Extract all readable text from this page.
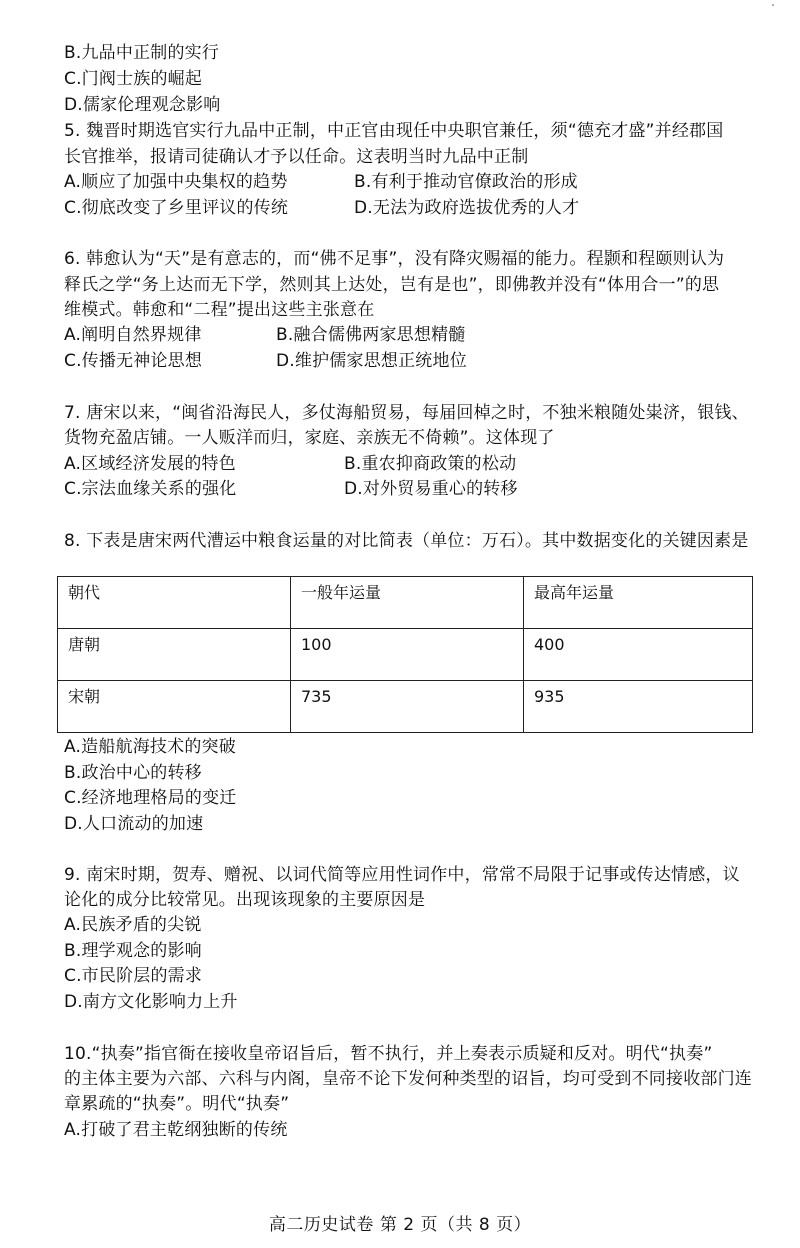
B.九品中正制的实行
C.门阀士族的崛起
D.儒家伦理观念影响
5. 魏晋时期选官实行九品中正制，中正官由现任中央职官兼任，须“德充才盛”并经郡国
长官推举，报请司徒确认才予以任命。这表明当时九品中正制
A.顺应了加强中央集权的趋势	B.有利于推动官僚政治的形成
C.彻底改变了乡里评议的传统	D.无法为政府选拔优秀的人才
6. 韩愈认为“天”是有意志的，而“佛不足事”，没有降灾赐福的能力。程颢和程颐则认为
释氏之学“务上达而无下学，然则其上达处，岂有是也”，即佛教并没有“体用合一”的思
维模式。韩愈和“二程”提出这些主张意在
A.阐明自然界规律	B.融合儒佛两家思想精髓
C.传播无神论思想	D.维护儒家思想正统地位
7. 唐宋以来，“闽省沿海民人，多仗海船贸易，每届回棹之时，不独米粮随处粜济，银钱、
货物充盈店铺。一人贩洋而归，家庭、亲族无不倚赖”。这体现了
A.区域经济发展的特色	B.重农抑商政策的松动
C.宗法血缘关系的强化	D.对外贸易重心的转移
8. 下表是唐宋两代漕运中粮食运量的对比简表（单位：万石）。其中数据变化的关键因素是
朝代	一般年运量	最高年运量
唐朝	100	400
宋朝	735	935
A.造船航海技术的突破
B.政治中心的转移
C.经济地理格局的变迁
D.人口流动的加速
9. 南宋时期，贺寿、赠祝、以词代简等应用性词作中，常常不局限于记事或传达情感，议
论化的成分比较常见。出现该现象的主要原因是
A.民族矛盾的尖锐
B.理学观念的影响
C.市民阶层的需求
D.南方文化影响力上升
10.“执奏”指官衙在接收皇帝诏旨后，暂不执行，并上奏表示质疑和反对。明代“执奏”
的主体主要为六部、六科与内阁，皇帝不论下发何种类型的诏旨，均可受到不同接收部门连
章累疏的“执奏”。明代“执奏”
A.打破了君主乾纲独断的传统
高二历史试卷 第 2 页（共 8 页）
